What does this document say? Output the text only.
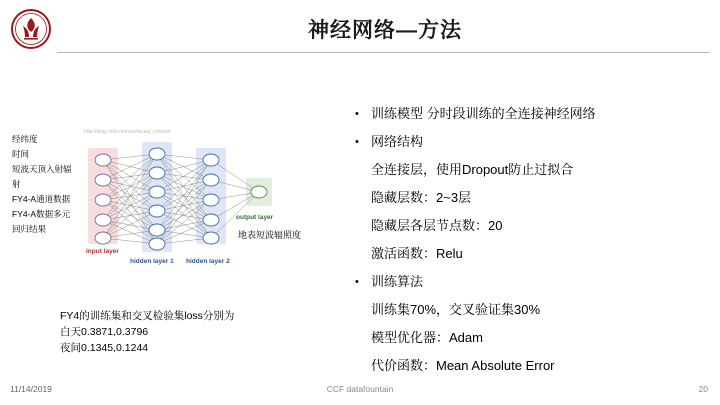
神经网络—方法
经纬度
时间
短波天顶入射辐
射
FY4-A通道数据
FY4-A数据多元
回归结果
input layer
hidden layer 1 hidden layer 2
output layer
http://blog.csdn.net/xxx/neural_network
地表短波辐照度
FY4的训练集和交叉检验集loss分别为
白天0.3871,0.3796
夜间0.1345,0.1244
• 训练模型 分时段训练的全连接神经网络
• 网络结构
全连接层，使用Dropout防止过拟合
隐藏层数：2~3层
隐藏层各层节点数：20
激活函数：Relu
• 训练算法
训练集70%，交叉验证集30%
模型优化器：Adam
代价函数：Mean Absolute Error
11/14/2019	CCF datafountain	20
